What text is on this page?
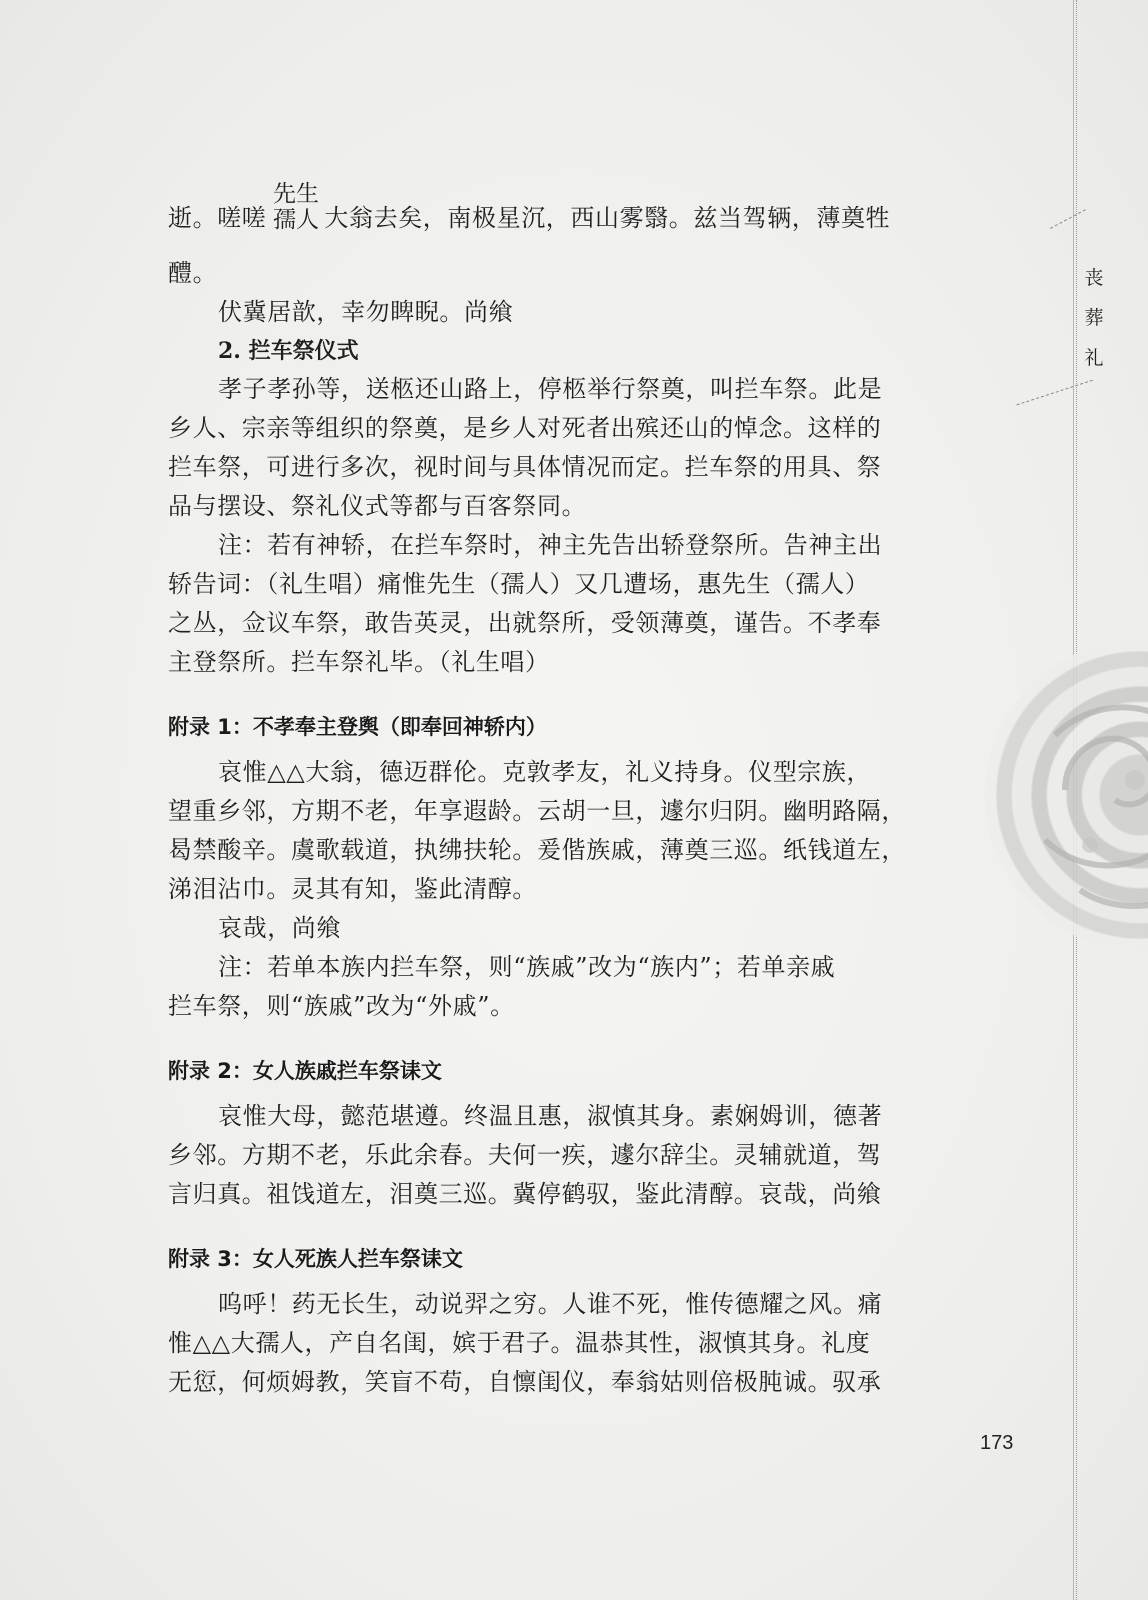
丧
葬
礼
逝。嗟嗟 大翁去矣，南极星沉，西山雾翳。兹当驾辆，薄奠牲
先生
孺人
醴。
伏冀居歆，幸勿睥睨。尚飨
2. 拦车祭仪式
孝子孝孙等，送柩还山路上，停柩举行祭奠，叫拦车祭。此是
乡人、宗亲等组织的祭奠，是乡人对死者出殡还山的悼念。这样的
拦车祭，可进行多次，视时间与具体情况而定。拦车祭的用具、祭
品与摆设、祭礼仪式等都与百客祭同。
注：若有神轿，在拦车祭时，神主先告出轿登祭所。告神主出
轿告词：（礼生唱）痛惟先生（孺人）又几遭场，惠先生（孺人）
之丛，佥议车祭，敢告英灵，出就祭所，受领薄奠，谨告。不孝奉
主登祭所。拦车祭礼毕。（礼生唱）
附录 1：不孝奉主登舆（即奉回神轿内）
哀惟△△大翁，德迈群伦。克敦孝友，礼义持身。仪型宗族，
望重乡邻，方期不老，年享遐龄。云胡一旦，遽尔归阴。幽明路隔，
曷禁酸辛。虞歌载道，执绋扶轮。爰偕族戚，薄奠三巡。纸钱道左，
涕泪沾巾。灵其有知，鉴此清醇。
哀哉，尚飨
注：若单本族内拦车祭，则“族戚”改为“族内”；若单亲戚
拦车祭，则“族戚”改为“外戚”。
附录 2：女人族戚拦车祭诔文
哀惟大母，懿范堪遵。终温且惠，淑慎其身。素娴姆训，德著
乡邻。方期不老，乐此余春。夫何一疾，遽尔辞尘。灵辅就道，驾
言归真。祖饯道左，泪奠三巡。冀停鹤驭，鉴此清醇。哀哉，尚飨
附录 3：女人死族人拦车祭诔文
呜呼！药无长生，动说羿之穷。人谁不死，惟传德耀之风。痛
惟△△大孺人，产自名闺，嫔于君子。温恭其性，淑慎其身。礼度
无愆，何烦姆教，笑盲不苟，自懔闺仪，奉翁姑则倍极肫诚。驭承
173
